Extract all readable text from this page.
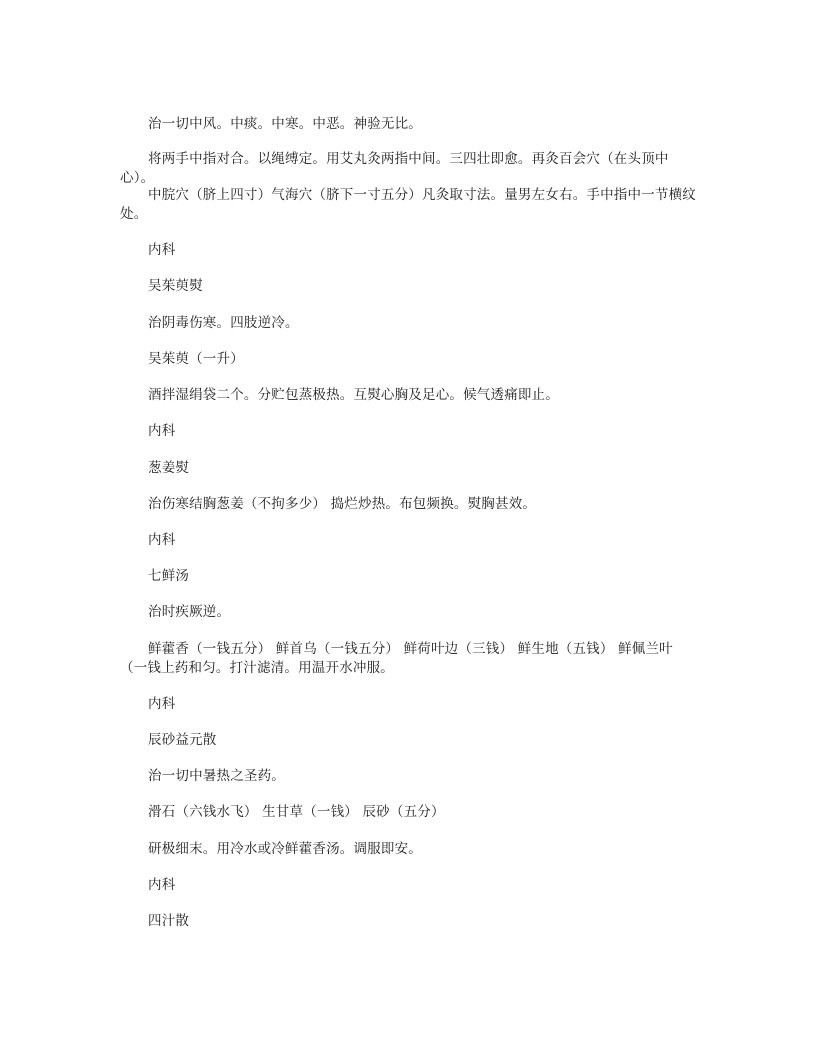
治一切中风。中痰。中寒。中恶。神验无比。

将两手中指对合。以绳缚定。用艾丸灸两指中间。三四壮即愈。再灸百会穴（在头顶中心）。

中脘穴（脐上四寸）气海穴（脐下一寸五分）凡灸取寸法。量男左女右。手中指中一节横纹处。

内科

吴茱萸熨

治阴毒伤寒。四肢逆冷。

吴茱萸（一升）

酒拌湿绢袋二个。分贮包蒸极热。互熨心胸及足心。候气透痛即止。

内科

葱姜熨

治伤寒结胸葱姜（不拘多少） 捣烂炒热。布包频换。熨胸甚效。

内科

七鲜汤

治时疾厥逆。

鲜藿香（一钱五分） 鲜首乌（一钱五分） 鲜荷叶边（三钱） 鲜生地（五钱） 鲜佩兰叶（一钱上药和匀。打汁滤清。用温开水冲服。

内科

辰砂益元散

治一切中暑热之圣药。

滑石（六钱水飞） 生甘草（一钱） 辰砂（五分）

研极细末。用冷水或冷鲜藿香汤。调服即安。

内科

四汁散
